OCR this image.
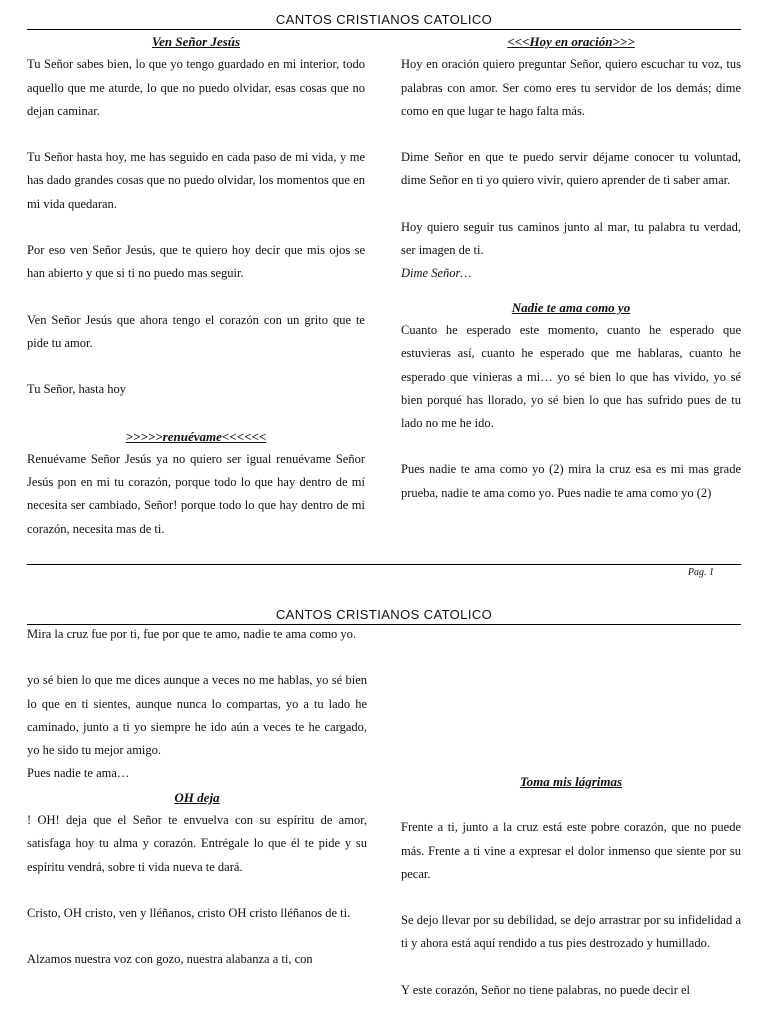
CANTOS CRISTIANOS CATOLICO

Ven Señor Jesús

Tu Señor sabes bien, lo que yo tengo guardado en mi interior, todo aquello que me aturde, lo que no puedo olvidar, esas cosas que no dejan caminar.

Tu Señor hasta hoy, me has seguido en cada paso de mi vida, y me has dado grandes cosas que no puedo olvidar, los momentos que en mi vida quedaran.

Por eso ven Señor Jesús, que te quiero hoy decir que mis ojos se han abierto y que si ti no puedo mas seguir.

Ven Señor Jesús que ahora tengo el corazón con un grito que te pide tu amor.

Tu Señor, hasta hoy

>>>>>renuévame<<<<<<

Renuévame Señor Jesús ya no quiero ser igual renuévame Señor Jesús pon en mi tu corazón, porque todo lo que hay dentro de mí necesita ser cambiado, Señor! porque todo lo que hay dentro de mi corazón, necesita mas de ti.

<<<Hoy en oración>>>

Hoy en oración quiero preguntar Señor, quiero escuchar tu voz, tus palabras con amor. Ser como eres tu servidor de los demás; dime como en que lugar te hago falta más.

Dime Señor en que te puedo servir déjame conocer tu voluntad, dime Señor en ti yo quiero vivir, quiero aprender de ti saber amar.

Hoy quiero seguir tus caminos junto al mar, tu palabra tu verdad, ser imagen de ti.

Dime Señor…

Nadie te ama como yo

Cuanto he esperado este momento, cuanto he esperado que estuvieras así, cuanto he esperado que me hablaras, cuanto he esperado que vinieras a mi… yo sé bien lo que has vivido, yo sé bien porqué has llorado, yo sé bien lo que has sufrido pues de tu lado no me he ido.

Pues nadie te ama como yo (2) mira la cruz esa es mi mas grade prueba, nadie te ama como yo. Pues nadie te ama como yo (2)

Pag. 1
CANTOS CRISTIANOS CATOLICO

Mira la cruz fue por ti, fue por que te amo, nadie te ama como yo.

yo sé bien lo que me dices aunque a veces no me hablas, yo sé bien lo que en ti sientes, aunque nunca lo compartas, yo a tu lado he caminado, junto a ti yo siempre he ido aún a veces te he cargado, yo he sido tu mejor amigo.

Pues nadie te ama…

OH deja

! OH! deja que el Señor te envuelva con su espíritu de amor, satisfaga hoy tu alma y corazón. Entrégale lo que él te pide y su espíritu vendrá, sobre ti vida nueva te dará.

Cristo, OH cristo, ven y lléñanos, cristo OH cristo lléñanos de ti.

Alzamos nuestra voz con gozo, nuestra alabanza a ti, con

Toma mis lágrimas

Frente a ti, junto a la cruz está este pobre corazón, que no puede más. Frente a ti vine a expresar el dolor inmenso que siente por su pecar.

Se dejo llevar por su debilidad, se dejo arrastrar por su infidelidad a ti y ahora está aquí rendido a tus pies destrozado y humillado.

Y este corazón, Señor no tiene palabras, no puede decir el
